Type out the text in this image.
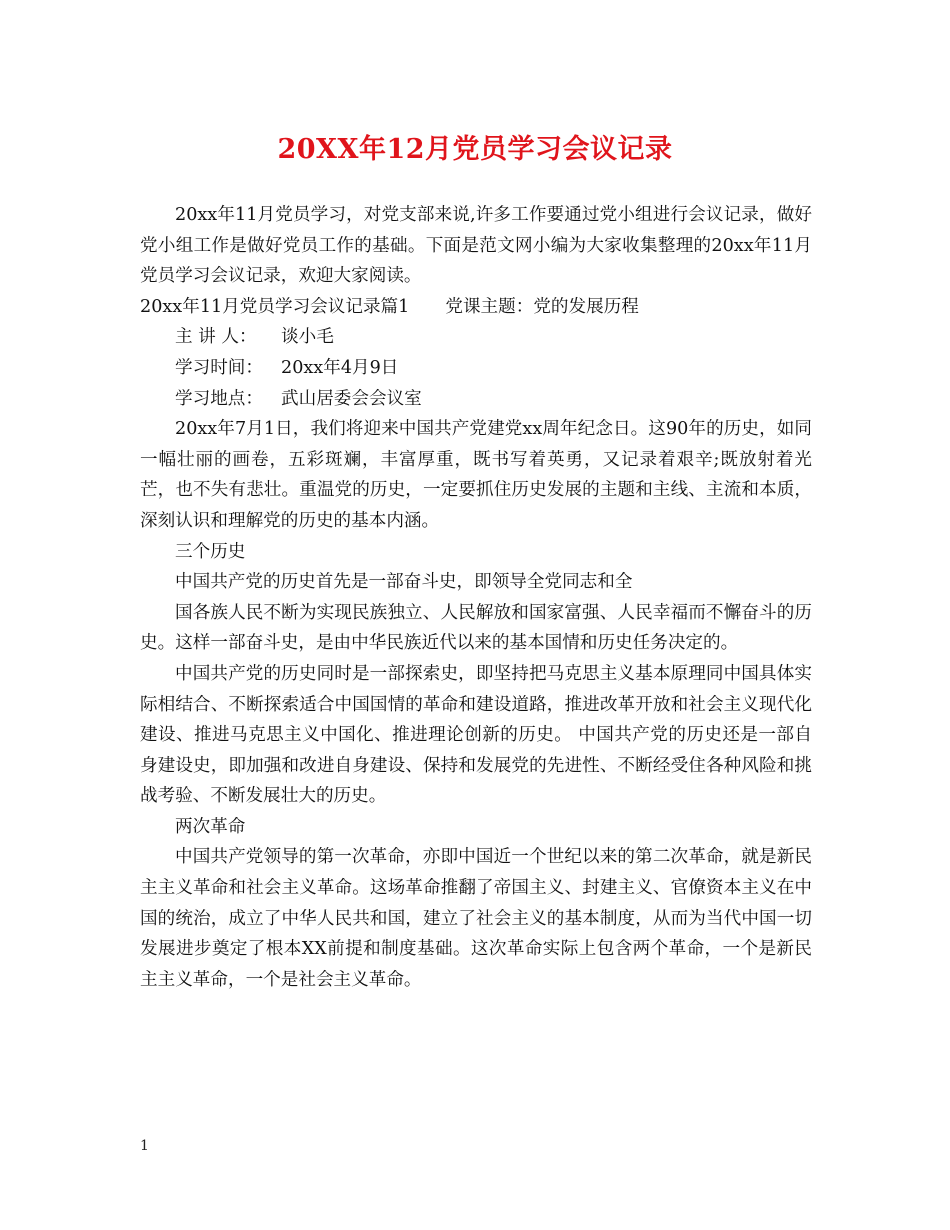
20XX年12月党员学习会议记录

20xx年11月党员学习，对党支部来说,许多工作要通过党小组进行会议记录，做好党小组工作是做好党员工作的基础。下面是范文网小编为大家收集整理的20xx年11月党员学习会议记录，欢迎大家阅读。

20xx年11月党员学习会议记录篇1 党课主题：党的发展历程

主 讲 人： 谈小毛

学习时间： 20xx年4月9日

学习地点： 武山居委会会议室

20xx年7月1日，我们将迎来中国共产党建党xx周年纪念日。这90年的历史，如同一幅壮丽的画卷，五彩斑斓，丰富厚重，既书写着英勇，又记录着艰辛;既放射着光芒，也不失有悲壮。重温党的历史，一定要抓住历史发展的主题和主线、主流和本质，深刻认识和理解党的历史的基本内涵。

三个历史

中国共产党的历史首先是一部奋斗史，即领导全党同志和全

国各族人民不断为实现民族独立、人民解放和国家富强、人民幸福而不懈奋斗的历史。这样一部奋斗史，是由中华民族近代以来的基本国情和历史任务决定的。

中国共产党的历史同时是一部探索史，即坚持把马克思主义基本原理同中国具体实际相结合、不断探索适合中国国情的革命和建设道路，推进改革开放和社会主义现代化建设、推进马克思主义中国化、推进理论创新的历史。 中国共产党的历史还是一部自身建设史，即加强和改进自身建设、保持和发展党的先进性、不断经受住各种风险和挑战考验、不断发展壮大的历史。

两次革命

中国共产党领导的第一次革命，亦即中国近一个世纪以来的第二次革命，就是新民主主义革命和社会主义革命。这场革命推翻了帝国主义、封建主义、官僚资本主义在中国的统治，成立了中华人民共和国，建立了社会主义的基本制度，从而为当代中国一切发展进步奠定了根本XX前提和制度基础。这次革命实际上包含两个革命，一个是新民主主义革命，一个是社会主义革命。

1
